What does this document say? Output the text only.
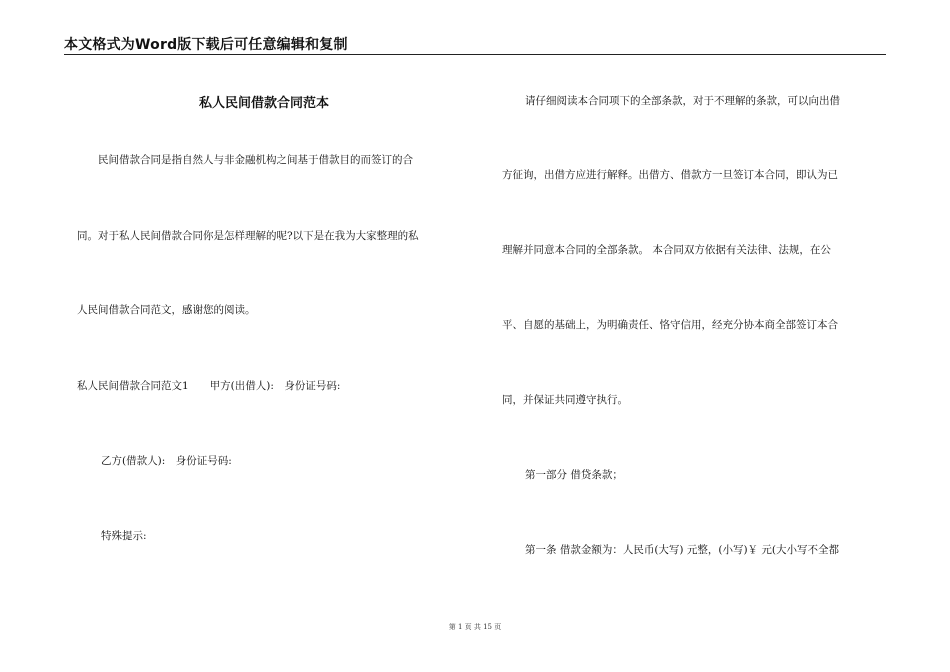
本文格式为Word版下载后可任意编辑和复制
私人民间借款合同范本
民间借款合同是指自然人与非金融机构之间基于借款目的而签订的合
同。对于私人民间借款合同你是怎样理解的呢?以下是在我为大家整理的私
人民间借款合同范文，感谢您的阅读。
私人民间借款合同范文1　　甲方(出借人):　身份证号码:
乙方(借款人):　身份证号码:
特殊提示:
请仔细阅读本合同项下的全部条款，对于不理解的条款，可以向出借
方征询，出借方应进行解释。出借方、借款方一旦签订本合同，即认为已
理解并同意本合同的全部条款。 本合同双方依据有关法律、法规，在公
平、自愿的基础上，为明确责任、恪守信用，经充分协本商全部签订本合
同，并保证共同遵守执行。
第一部分 借贷条款；
第一条 借款金额为：人民币(大写) 元整，(小写)￥ 元(大小写不全都
第 1 页 共 15 页
